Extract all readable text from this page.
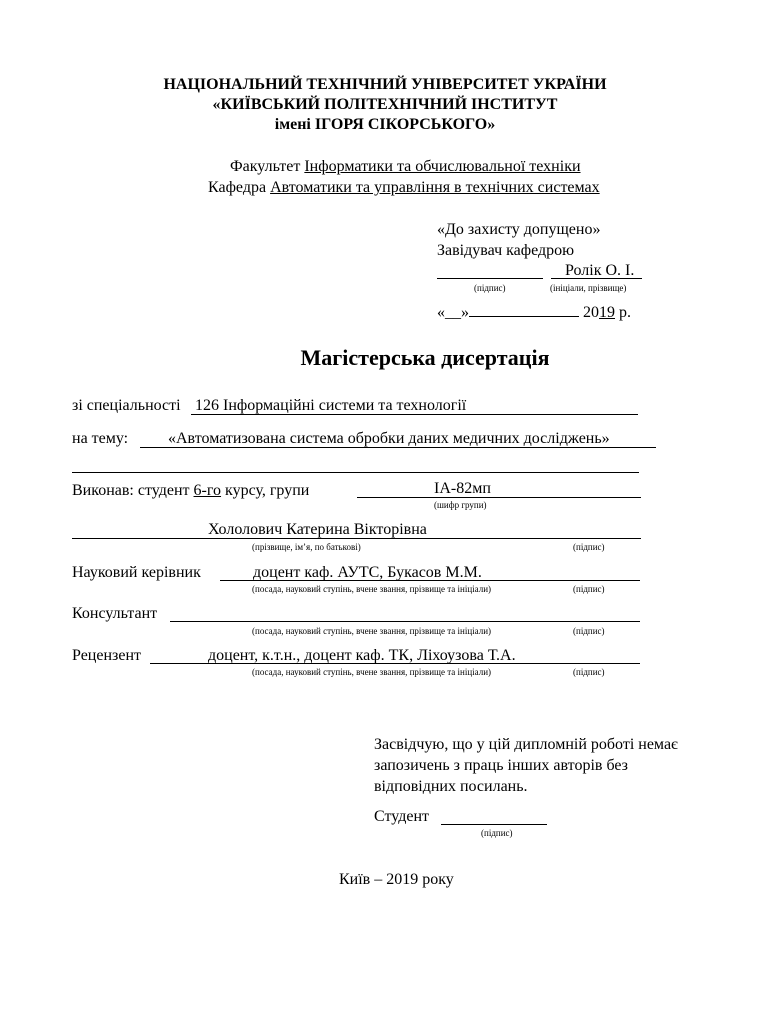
НАЦІОНАЛЬНИЙ ТЕХНІЧНИЙ УНІВЕРСИТЕТ УКРАЇНИ
«КИЇВСЬКИЙ ПОЛІТЕХНІЧНИЙ ІНСТИТУТ
імені ІГОРЯ СІКОРСЬКОГО»
Факультет Інформатики та обчислювальної техніки
Кафедра Автоматики та управління в технічних системах
«До захисту допущено»
Завідувач кафедрою
Ролік О. І.
(підпис)	(ініціали, прізвище)
«__»	2019 р.
Магістерська дисертація
зі спеціальності 126 Інформаційні системи та технології
на тему: «Автоматизована система обробки даних медичних досліджень»
Виконав: студент 6-го курсу, групи	ІА-82мп
(шифр групи)
Хололович Катерина Вікторівна
(прізвище, ім’я, по батькові)	(підпис)
Науковий керівник	доцент каф. АУТС, Букасов М.М.
(посада, науковий ступінь, вчене звання, прізвище та ініціали)	(підпис)
Консультант
(посада, науковий ступінь, вчене звання, прізвище та ініціали)	(підпис)
Рецензент	доцент, к.т.н., доцент каф. ТК, Ліхоузова Т.А.
(посада, науковий ступінь, вчене звання, прізвище та ініціали)	(підпис)
Засвідчую, що у цій дипломній роботі немає
запозичень з праць інших авторів без
відповідних посилань.
Студент
(підпис)
Київ – 2019 року
